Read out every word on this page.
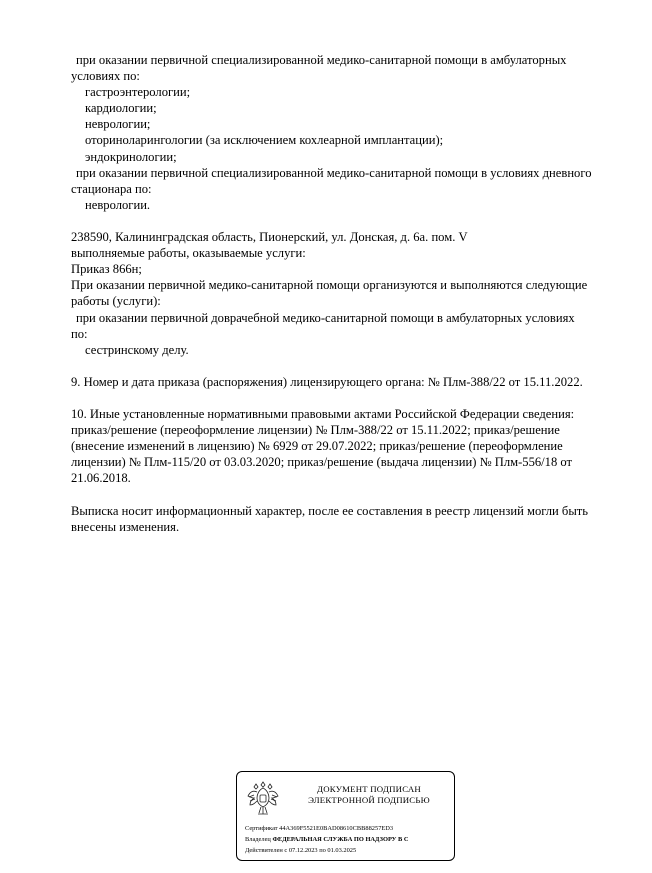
при оказании первичной специализированной медико-санитарной помощи в амбулаторных
условиях по:
гастроэнтерологии;
кардиологии;
неврологии;
оториноларингологии (за исключением кохлеарной имплантации);
эндокринологии;
при оказании первичной специализированной медико-санитарной помощи в условиях дневного
стационара по:
неврологии.
238590, Калининградская область, Пионерский, ул. Донская, д. 6а. пом. V
выполняемые работы, оказываемые услуги:
Приказ 866н;
При оказании первичной медико-санитарной помощи организуются и выполняются следующие
работы (услуги):
при оказании первичной доврачебной медико-санитарной помощи в амбулаторных условиях
по:
сестринскому делу.
9. Номер и дата приказа (распоряжения) лицензирующего органа: № Плм-388/22 от 15.11.2022.
10. Иные установленные нормативными правовыми актами Российской Федерации сведения:
приказ/решение (переоформление лицензии) № Плм-388/22 от 15.11.2022; приказ/решение
(внесение изменений в лицензию) № 6929 от 29.07.2022; приказ/решение (переоформление
лицензии) № Плм-115/20 от 03.03.2020; приказ/решение (выдача лицензии) № Плм-556/18 от
21.06.2018.
Выписка носит информационный характер, после ее составления в реестр лицензий могли быть
внесены изменения.
ДОКУМЕНТ ПОДПИСАН
ЭЛЕКТРОННОЙ ПОДПИСЬЮ
Сертификат 44A369F5521E0BAD08610CBB88257ED3
Владелец ФЕДЕРАЛЬНАЯ СЛУЖБА ПО НАДЗОРУ В С
Действителен с 07.12.2023 по 01.03.2025
